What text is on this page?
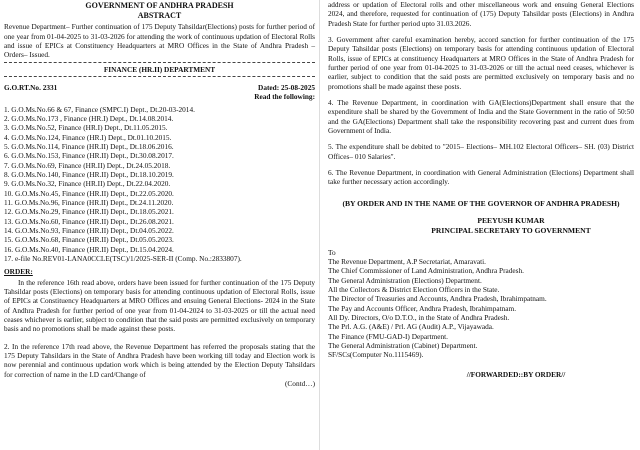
GOVERNMENT OF ANDHRA PRADESH
ABSTRACT
Revenue Department– Further continuation of 175 Deputy Tahsildar(Elections) posts for further period of one year from 01-04-2025 to 31-03-2026 for attending the work of continuous updation of Electoral Rolls and issue of EPICs at Constituency Headquarters at MRO Offices in the State of Andhra Pradesh – Orders– Issued.
FINANCE (HR.II) DEPARTMENT
G.O.RT.No. 2331	Dated: 25-08-2025
Read the following:
1. G.O.Ms.No.66 & 67, Finance (SMPC.I) Dept., Dt.20-03-2014.
2. G.O.Ms.No.173 , Finance (HR.I) Dept., Dt.14.08.2014.
3. G.O.Ms.No.52, Finance (HR.I) Dept., Dt.11.05.2015.
4. G.O.Ms.No.124, Finance (HR.I) Dept., Dt.01.10.2015.
5. G.O.Ms.No.114, Finance (HR.II) Dept., Dt.18.06.2016.
6. G.O.Ms.No.153, Finance (HR.II) Dept., Dt.30.08.2017.
7. G.O.Ms.No.69, Finance (HR.II) Dept., Dt.24.05.2018.
8. G.O.Ms.No.140, Finance (HR.II) Dept., Dt.18.10.2019.
9. G.O.Ms.No.32, Finance (HR.II) Dept., Dt.22.04.2020.
10. G.O.Ms.No.45, Finance (HR.II) Dept., Dt.22.05.2020.
11. G.O.Ms.No.96, Finance (HR.II) Dept., Dt.24.11.2020.
12. G.O.Ms.No.29, Finance (HR.II) Dept., Dt.18.05.2021.
13. G.O.Ms.No.60, Finance (HR.II) Dept., Dt.26.08.2021.
14. G.O.Ms.No.93, Finance (HR.II) Dept., Dt.04.05.2022.
15. G.O.Ms.No.68, Finance (HR.II) Dept., Dt.05.05.2023.
16. G.O.Ms.No.40, Finance (HR.II) Dept., Dt.15.04.2024.
17. e-file No.REV01-LANA0CCLE(TSC)/1/2025-SER-II (Comp. No.:2833807).
ORDER:
In the reference 16th read above, orders have been issued for further continuation of the 175 Deputy Tahsildar posts (Elections) on temporary basis for attending continuous updation of Electoral Rolls, issue of EPICs at Constituency Headquarters at MRO Offices and ensuing General Elections- 2024 in the State of Andhra Pradesh for further period of one year from 01-04-2024 to 31-03-2025 or till the actual need ceases whichever is earlier, subject to condition that the said posts are permitted exclusively on temporary basis and no promotions shall be made against these posts.
2. In the reference 17th read above, the Revenue Department has referred the proposals stating that the 175 Deputy Tahsildars in the State of Andhra Pradesh have been working till today and Election work is now perennial and continuous updation work which is being attended by the Election Deputy Tahsildars for correction of name in the I.D card/Change of
(Contd…)
address or updation of Electoral rolls and other miscellaneous work and ensuing General Elections 2024, and therefore, requested for continuation of (175) Deputy Tahsildar posts (Elections) in Andhra Pradesh State for further period upto 31.03.2026.
3. Government after careful examination hereby, accord sanction for further continuation of the 175 Deputy Tahsildar posts (Elections) on temporary basis for attending continuous updation of Electoral Rolls, issue of EPICs at constituency Headquarters at MRO Offices in the State of Andhra Pradesh for further period of one year from 01-04-2025 to 31-03-2026 or till the actual need ceases, whichever is earlier, subject to condition that the said posts are permitted exclusively on temporary basis and no promotions shall be made against these posts.
4. The Revenue Department, in coordination with GA(Elections)Department shall ensure that the expenditure shall be shared by the Government of India and the State Government in the ratio of 50:50 and the GA(Elections) Department shall take the responsibility recovering past and current dues from Government of India.
5. The expenditure shall be debited to "2015– Elections– MH.102 Electoral Officers– SH. (03) District Offices– 010 Salaries".
6. The Revenue Department, in coordination with General Administration (Elections) Department shall take further necessary action accordingly.
(BY ORDER AND IN THE NAME OF THE GOVERNOR OF ANDHRA PRADESH)
PEEYUSH KUMAR
PRINCIPAL SECRETARY TO GOVERNMENT
To
The Revenue Department, A.P Secretariat, Amaravati.
The Chief Commissioner of Land Administration, Andhra Pradesh.
The General Administration (Elections) Department.
All the Collectors & District Election Officers in the State.
The Director of Treasuries and Accounts, Andhra Pradesh, Ibrahimpatnam.
The Pay and Accounts Officer, Andhra Pradesh, Ibrahimpatnam.
All Dy. Directors, O/o D.T.O., in the State of Andhra Pradesh.
The Prl. A.G. (A&E) / Prl. AG (Audit) A.P., Vijayawada.
The Finance (FMU-GAD-I) Department.
The General Administration (Cabinet) Department.
SF/SCs(Computer No.1115469).
//FORWARDED::BY ORDER//
